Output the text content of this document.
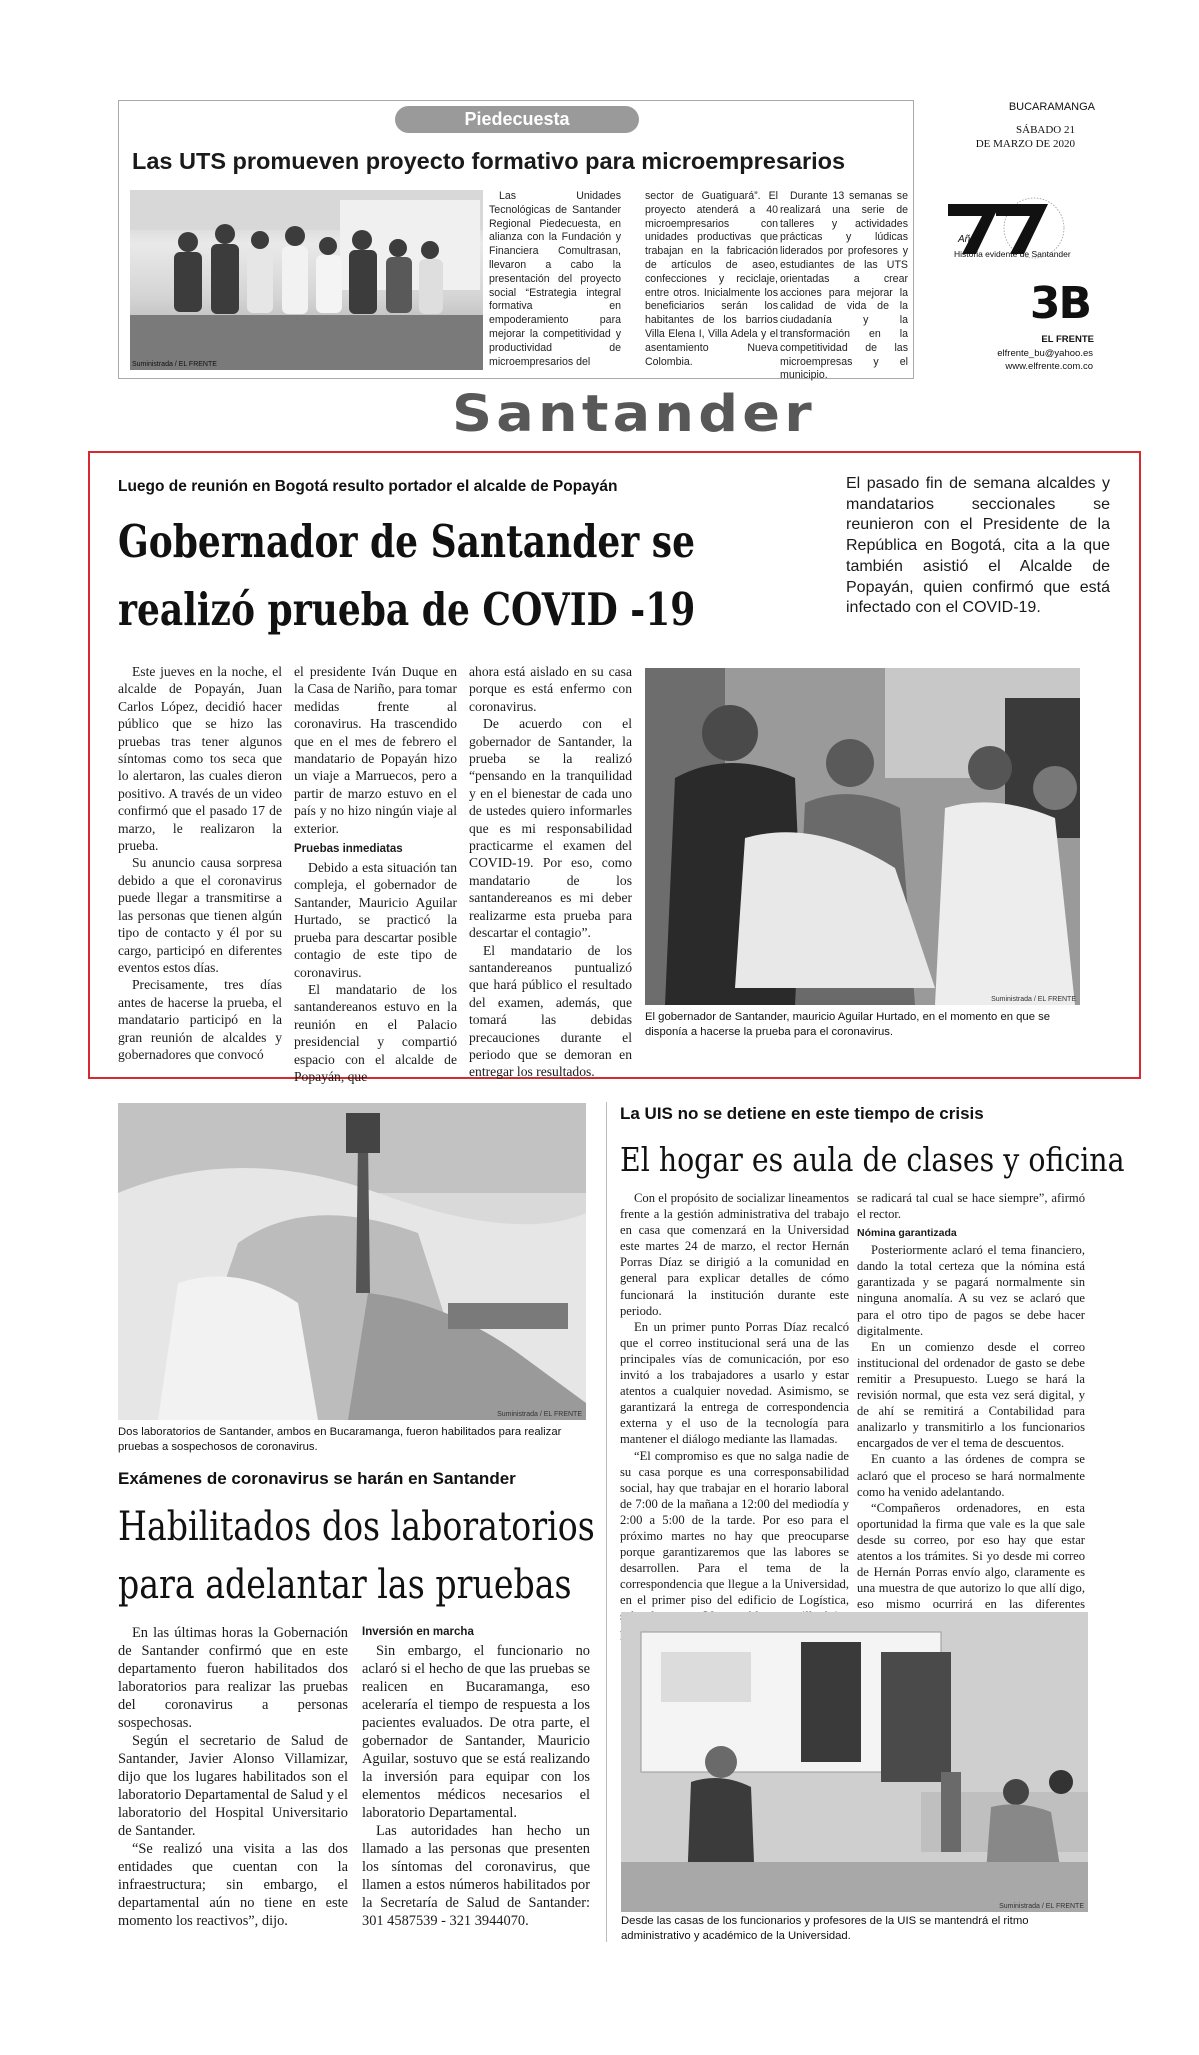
Piedecuesta
Las UTS promueven proyecto formativo para microempresarios
Suministrada / EL FRENTE

Las Unidades Tecnológicas de Santander Regional Piedecuesta, en alianza con la Fundación y Financiera Comultrasan, llevaron a cabo la presentación del proyecto social “Estrategia integral formativa en empoderamiento para mejorar la competitividad y productividad de microempresarios del

sector de Guatiguará”. El proyecto atenderá a 40 microempresarios con unidades productivas que trabajan en la fabricación de artículos de aseo, confecciones y reciclaje, entre otros. Inicialmente los beneficiarios serán los habitantes de los barrios Villa Elena I, Villa Adela y el asentamiento Nueva Colombia.

Durante 13 semanas se realizará una serie de talleres y actividades prácticas y lúdicas liderados por profesores y estudiantes de las UTS orientadas a crear acciones para mejorar la calidad de vida de la ciudadanía y la transformación en la competitividad de las microempresas y el municipio.

BUCARAMANGA
SÁBADO 21
DE MARZO DE 2020
Años
Historia evidente de Santander
3B
EL FRENTE
elfrente_bu@yahoo.es
www.elfrente.com.co
Santander
Luego de reunión en Bogotá resulto portador el alcalde de Popayán
Gobernador de Santander se
realizó prueba de COVID -19
El pasado fin de semana alcaldes y mandatarios seccionales se reunieron con el Presidente de la República en Bogotá, cita a la que también asistió el Alcalde de Popayán, quien confirmó que está infectado con el COVID-19.

Este jueves en la noche, el alcalde de Popayán, Juan Carlos López, decidió hacer público que se hizo las pruebas tras tener algunos síntomas como tos seca que lo alertaron, las cuales dieron positivo. A través de un video confirmó que el pasado 17 de marzo, le realizaron la prueba.

Su anuncio causa sorpresa debido a que el coronavirus puede llegar a transmitirse a las personas que tienen algún tipo de contacto y él por su cargo, participó en diferentes eventos estos días.

Precisamente, tres días antes de hacerse la prueba, el mandatario participó en la gran reunión de alcaldes y gobernadores que convocó

el presidente Iván Duque en la Casa de Nariño, para tomar medidas frente al coronavirus. Ha trascendido que en el mes de febrero el mandatario de Popayán hizo un viaje a Marruecos, pero a partir de marzo estuvo en el país y no hizo ningún viaje al exterior.

Pruebas inmediatas

Debido a esta situación tan compleja, el gobernador de Santander, Mauricio Aguilar Hurtado, se practicó la prueba para descartar posible contagio de este tipo de coronavirus.

El mandatario de los santandereanos estuvo en la reunión en el Palacio presidencial y compartió espacio con el alcalde de Popayán, que

ahora está aislado en su casa porque es está enfermo con coronavirus.

De acuerdo con el gobernador de Santander, la prueba se la realizó “pensando en la tranquilidad y en el bienestar de cada uno de ustedes quiero informarles que es mi responsabilidad practicarme el examen del COVID-19. Por eso, como mandatario de los santandereanos es mi deber realizarme esta prueba para descartar el contagio”.

El mandatario de los santandereanos puntualizó que hará público el resultado del examen, además, que tomará las debidas precauciones durante el periodo que se demoran en entregar los resultados.

Suministrada / EL FRENTE
El gobernador de Santander, mauricio Aguilar Hurtado, en el momento en que se disponía a hacerse la prueba para el coronavirus.
Suministrada / EL FRENTE
Dos laboratorios de Santander, ambos en Bucaramanga, fueron habilitados para realizar pruebas a sospechosos de coronavirus.
Exámenes de coronavirus se harán en Santander
Habilitados dos laboratorios
para adelantar las pruebas

En las últimas horas la Gobernación de Santander confirmó que en este departamento fueron habilitados dos laboratorios para realizar las pruebas del coronavirus a personas sospechosas.

Según el secretario de Salud de Santander, Javier Alonso Villamizar, dijo que los lugares habilitados son el laboratorio Departamental de Salud y el laboratorio del Hospital Universitario de Santander.

“Se realizó una visita a las dos entidades que cuentan con la infraestructura; sin embargo, el departamental aún no tiene en este momento los reactivos”, dijo.

Inversión en marcha

Sin embargo, el funcionario no aclaró si el hecho de que las pruebas se realicen en Bucaramanga, eso aceleraría el tiempo de respuesta a los pacientes evaluados. De otra parte, el gobernador de Santander, Mauricio Aguilar, sostuvo que se está realizando la inversión para equipar con los elementos médicos necesarios el laboratorio Departamental.

Las autoridades han hecho un llamado a las personas que presenten los síntomas del coronavirus, que llamen a estos números habilitados por la Secretaría de Salud de Santander: 301 4587539 - 321 3944070.

La UIS no se detiene en este tiempo de crisis
El hogar es aula de clases y oficina

Con el propósito de socializar lineamentos frente a la gestión administrativa del trabajo en casa que comenzará en la Universidad este martes 24 de marzo, el rector Hernán Porras Díaz se dirigió a la comunidad en general para explicar detalles de cómo funcionará la institución durante este periodo.

En un primer punto Porras Díaz recalcó que el correo institucional será una de las principales vías de comunicación, por eso invitó a los trabajadores a usarlo y estar atentos a cualquier novedad. Asimismo, se garantizará la entrega de correspondencia externa y el uso de la tecnología para mantener el diálogo mediante las llamadas.

“El compromiso es que no salga nadie de su casa porque es una corresponsabilidad social, hay que trabajar en el horario laboral de 7:00 de la mañana a 12:00 del mediodía y 2:00 a 5:00 de la tarde. Por eso para el próximo martes no hay que preocuparse porque garantizaremos que las labores se desarrollen. Para el tema de la correspondencia que llegue a la Universidad, en el primer piso del edificio de Logística,

se radicará tal cual se hace siempre”, afirmó el rector.

Nómina garantizada

Posteriormente aclaró el tema financiero, dando la total certeza que la nómina está garantizada y se pagará normalmente sin ninguna anomalía. A su vez se aclaró que para el otro tipo de pagos se debe hacer digitalmente.

En un comienzo desde el correo institucional del ordenador de gasto se debe remitir a Presupuesto. Luego se hará la revisión normal, que esta vez será digital, y de ahí se remitirá a Contabilidad para analizarlo y transmitirlo a los funcionarios encargados de ver el tema de descuentos.

En cuanto a las órdenes de compra se aclaró que el proceso se hará normalmente como ha venido adelantando.

“Compañeros ordenadores, en esta oportunidad la firma que vale es la que sale desde su correo, por eso hay que estar atentos a los trámites. Si yo desde mi correo de Hernán Porras envío algo, claramente es una muestra de que autorizo lo que allí digo, eso mismo ocurrirá en las diferentes

Suministrada / EL FRENTE
Desde las casas de los funcionarios y profesores de la UIS se mantendrá el ritmo administrativo y académico de la Universidad.
